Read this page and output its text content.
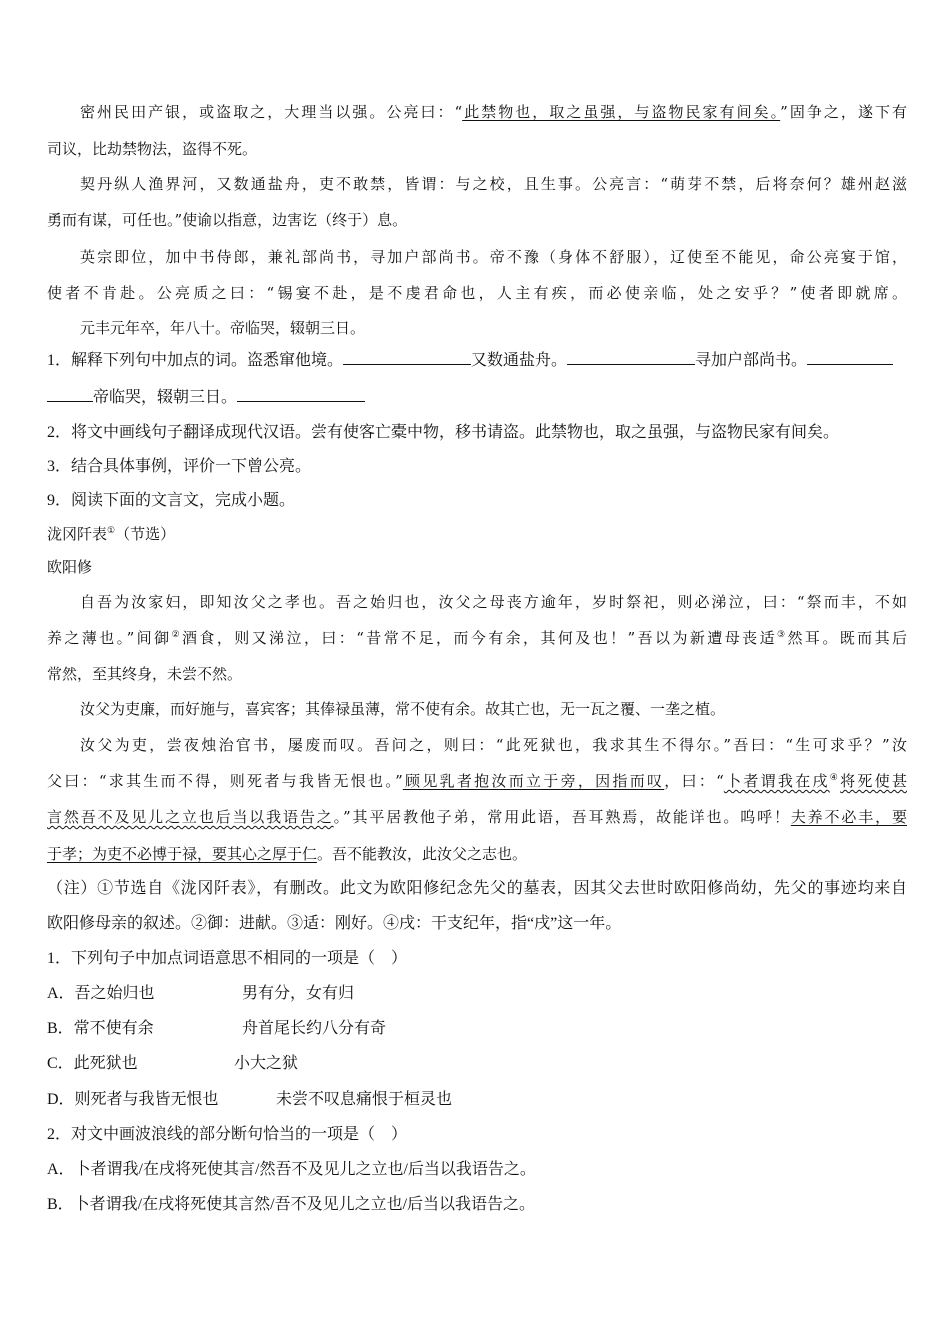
密州民田产银，或盗取之，大理当以强。公亮曰：“此禁物也，取之虽强，与盗物民家有间矣。”固争之，遂下有
司议，比劫禁物法，盗得不死。
契丹纵人渔界河，又数通盐舟，吏不敢禁，皆谓：与之校，且生事。公亮言：“萌芽不禁，后将奈何？雄州赵滋
勇而有谋，可任也。”使谕以指意，边害讫（终于）息。
英宗即位，加中书侍郎，兼礼部尚书，寻加户部尚书。帝不豫（身体不舒服），辽使至不能见，命公亮宴于馆，
使者不肯赴。公亮质之曰：“锡宴不赴，是不虔君命也，人主有疾，而必使亲临，处之安乎？”使者即就席。
元丰元年卒，年八十。帝临哭，辍朝三日。
1．解释下列句中加点的词。盗悉窜他境。	又数通盐舟。	寻加户部尚书。
帝临哭，辍朝三日。
2．将文中画线句子翻译成现代汉语。尝有使客亡橐中物，移书请盗。此禁物也，取之虽强，与盗物民家有间矣。
3．结合具体事例，评价一下曾公亮。
9．阅读下面的文言文，完成小题。
泷冈阡表①（节选）
欧阳修
自吾为汝家妇，即知汝父之孝也。吾之始归也，汝父之母丧方逾年，岁时祭祀，则必涕泣，曰：“祭而丰，不如
养之薄也。”间御②酒食，则又涕泣，曰：“昔常不足，而今有余，其何及也！”吾以为新遭母丧适③然耳。既而其后
常然，至其终身，未尝不然。
汝父为吏廉，而好施与，喜宾客；其俸禄虽薄，常不使有余。故其亡也，无一瓦之覆、一垄之植。
汝父为吏，尝夜烛治官书，屡废而叹。吾问之，则曰：“此死狱也，我求其生不得尔。”吾曰：“生可求乎？”汝
父曰：“求其生而不得，则死者与我皆无恨也。”顾见乳者抱汝而立于旁，因指而叹，曰：“卜者谓我在戌④将死使甚
言然吾不及见儿之立也后当以我语告之。”其平居教他子弟，常用此语，吾耳熟焉，故能详也。呜呼！夫养不必丰，要
于孝；为吏不必博于禄，要其心之厚于仁。吾不能教汝，此汝父之志也。
（注）①节选自《泷冈阡表》，有删改。此文为欧阳修纪念先父的墓表，因其父去世时欧阳修尚幼，先父的事迹均来自
欧阳修母亲的叙述。②御：进献。③适：刚好。④戌：干支纪年，指“戌”这一年。
1．下列句子中加点词语意思不相同的一项是（　）
A．吾之始归也	男有分，女有归
B．常不使有余	舟首尾长约八分有奇
C．此死狱也	小大之狱
D．则死者与我皆无恨也	未尝不叹息痛恨于桓灵也
2．对文中画波浪线的部分断句恰当的一项是（　）
A．卜者谓我/在戌将死使其言/然吾不及见儿之立也/后当以我语告之。
B．卜者谓我/在戌将死使其言然/吾不及见儿之立也/后当以我语告之。
